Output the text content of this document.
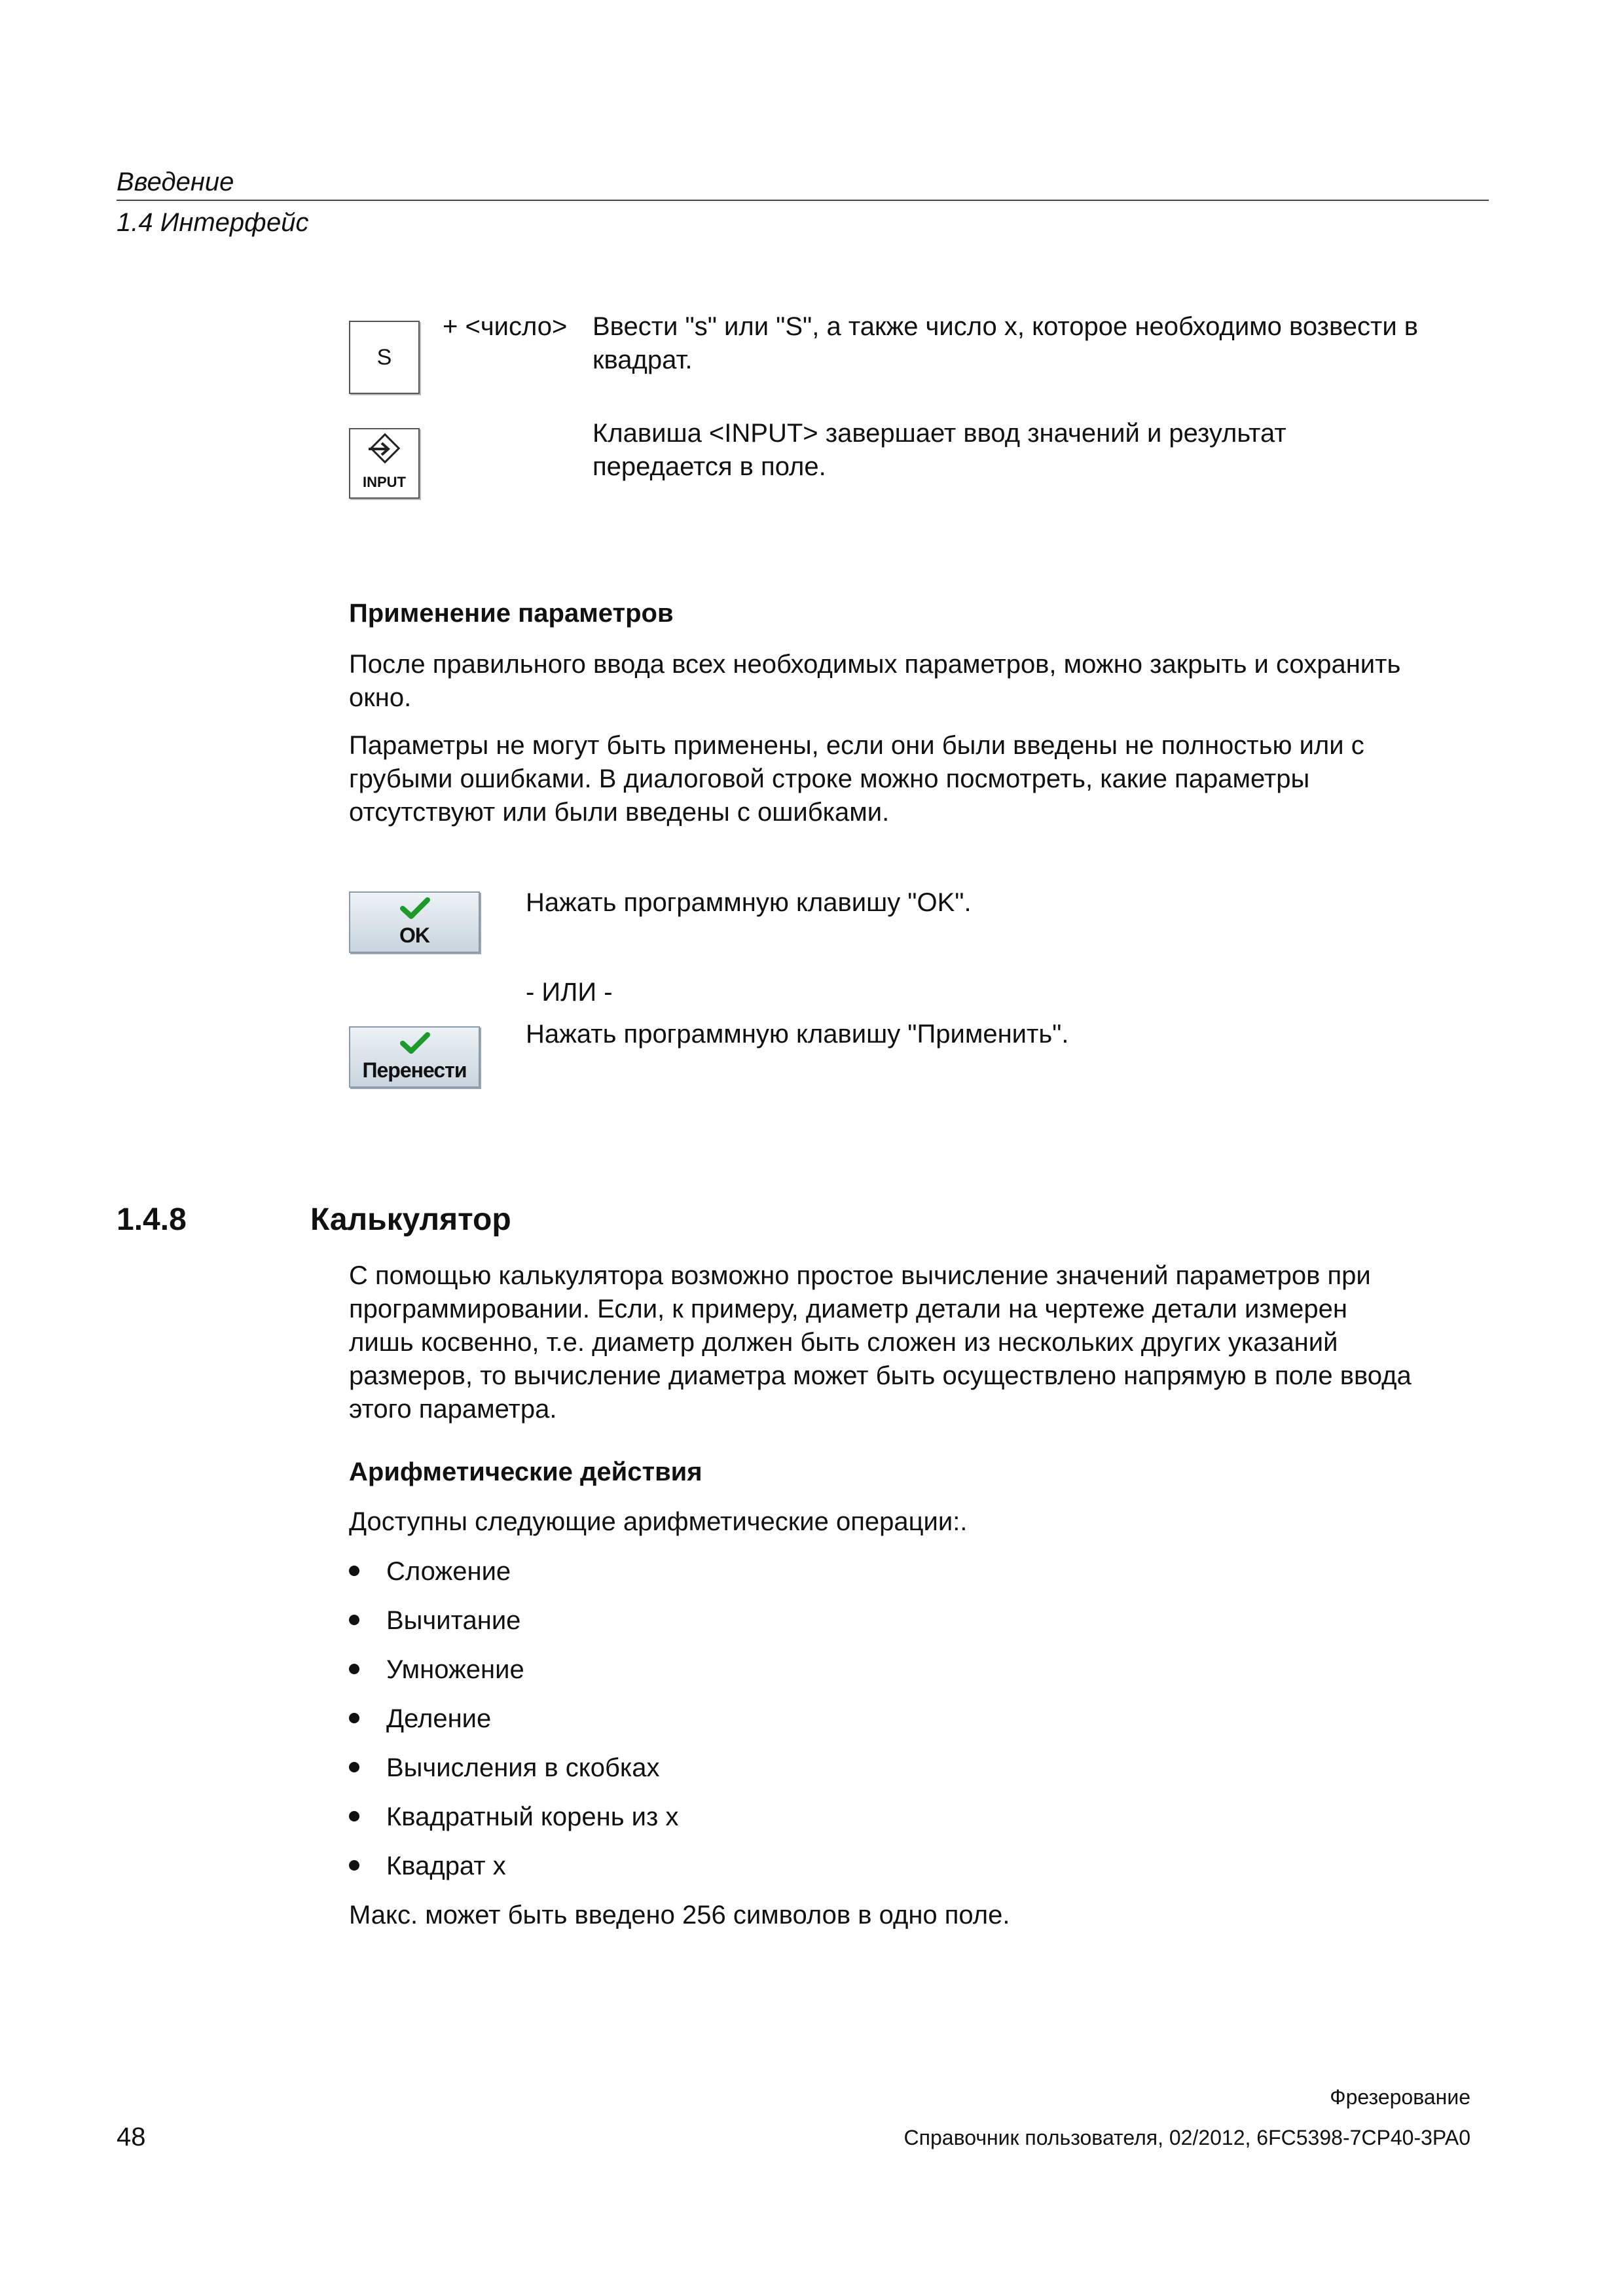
Введение
1.4 Интерфейс
S
+ <число> Ввести "s" или "S", а также число x, которое необходимо возвести в
квадрат.
INPUT
Клавиша <INPUT> завершает ввод значений и результат
передается в поле.
Применение параметров
После правильного ввода всех необходимых параметров, можно закрыть и сохранить
окно.
Параметры не могут быть применены, если они были введены не полностью или с
грубыми ошибками. В диалоговой строке можно посмотреть, какие параметры
отсутствуют или были введены с ошибками.
OK
Нажать программную клавишу "OK".
- ИЛИ -
Перенести
Нажать программную клавишу "Применить".
1.4.8	Калькулятор
С помощью калькулятора возможно простое вычисление значений параметров при
программировании. Если, к примеру, диаметр детали на чертеже детали измерен
лишь косвенно, т.е. диаметр должен быть сложен из нескольких других указаний
размеров, то вычисление диаметра может быть осуществлено напрямую в поле ввода
этого параметра.
Арифметические действия
Доступны следующие арифметические операции:.
Сложение
Вычитание
Умножение
Деление
Вычисления в скобках
Квадратный корень из x
Квадрат x
Макс. может быть введено 256 символов в одно поле.
Фрезерование
48	Справочник пользователя, 02/2012, 6FC5398-7CP40-3PA0
